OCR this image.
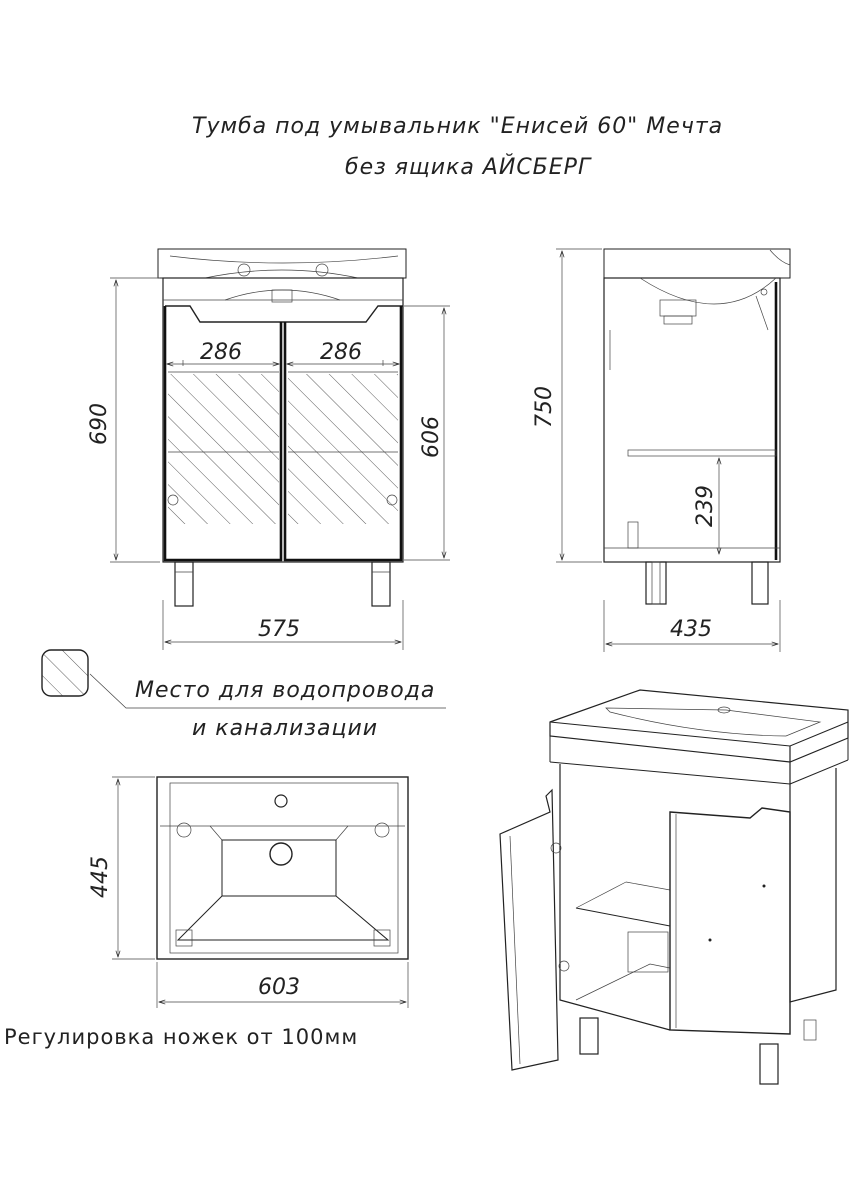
Тумба под умывальник "Енисей 60" Мечта
без ящика АЙСБЕРГ
286	286
690	606
575
750
239
435
445
603
Место для водопровода
и канализации
Регулировка ножек от 100мм
